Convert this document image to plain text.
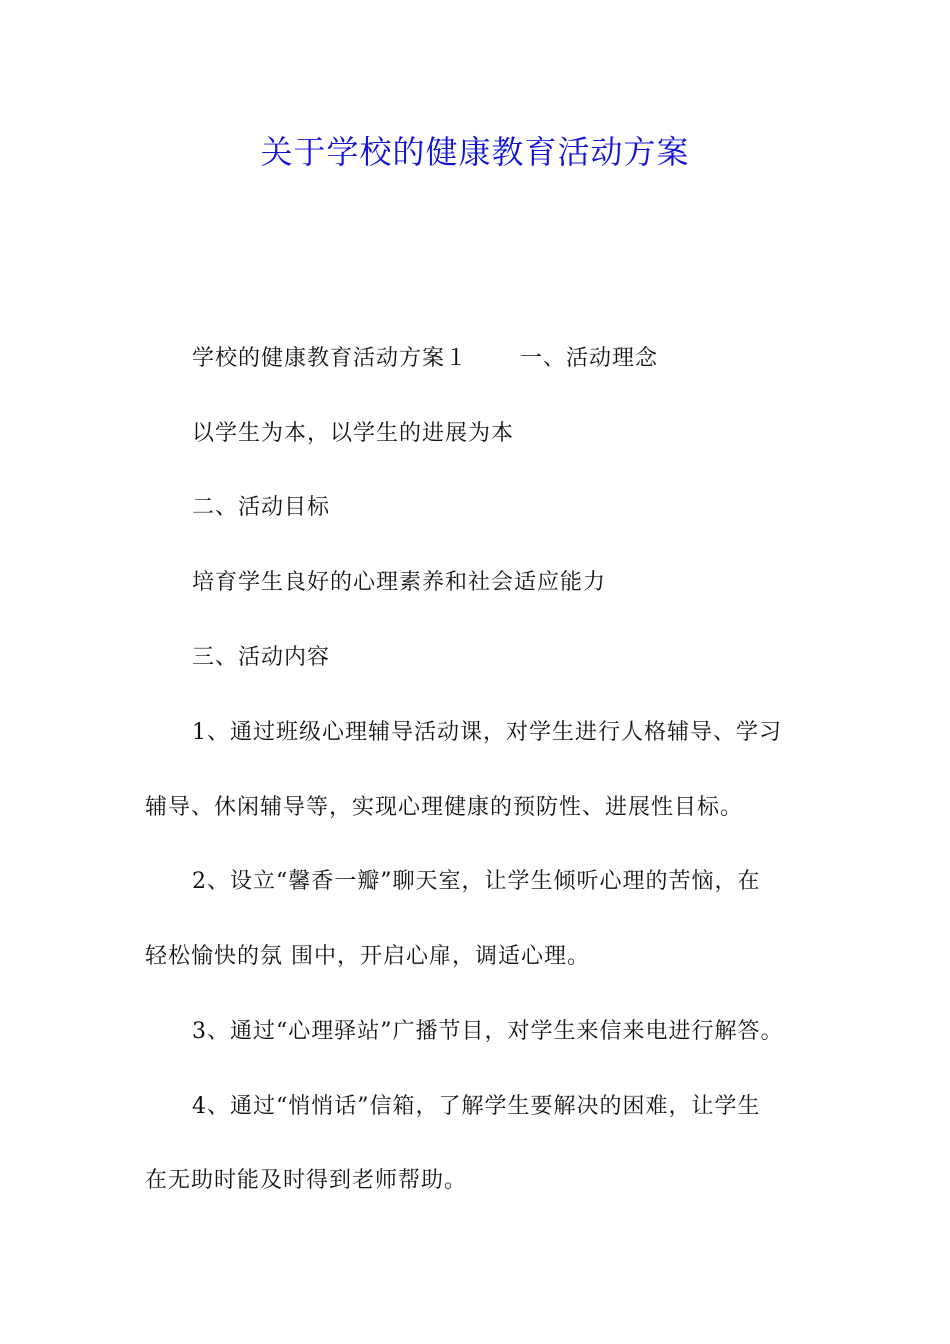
关于学校的健康教育活动方案
学校的健康教育活动方案１ 一、活动理念
以学生为本，以学生的进展为本
二、活动目标
培育学生良好的心理素养和社会适应能力
三、活动内容
1、通过班级心理辅导活动课，对学生进行人格辅导、学习
辅导、休闲辅导等，实现心理健康的预防性、进展性目标。
2、设立“馨香一瓣”聊天室，让学生倾听心理的苦恼，在
轻松愉快的氛 围中，开启心扉，调适心理。
3、通过“心理驿站”广播节目，对学生来信来电进行解答。
4、通过“悄悄话”信箱，了解学生要解决的困难，让学生
在无助时能及时得到老师帮助。
